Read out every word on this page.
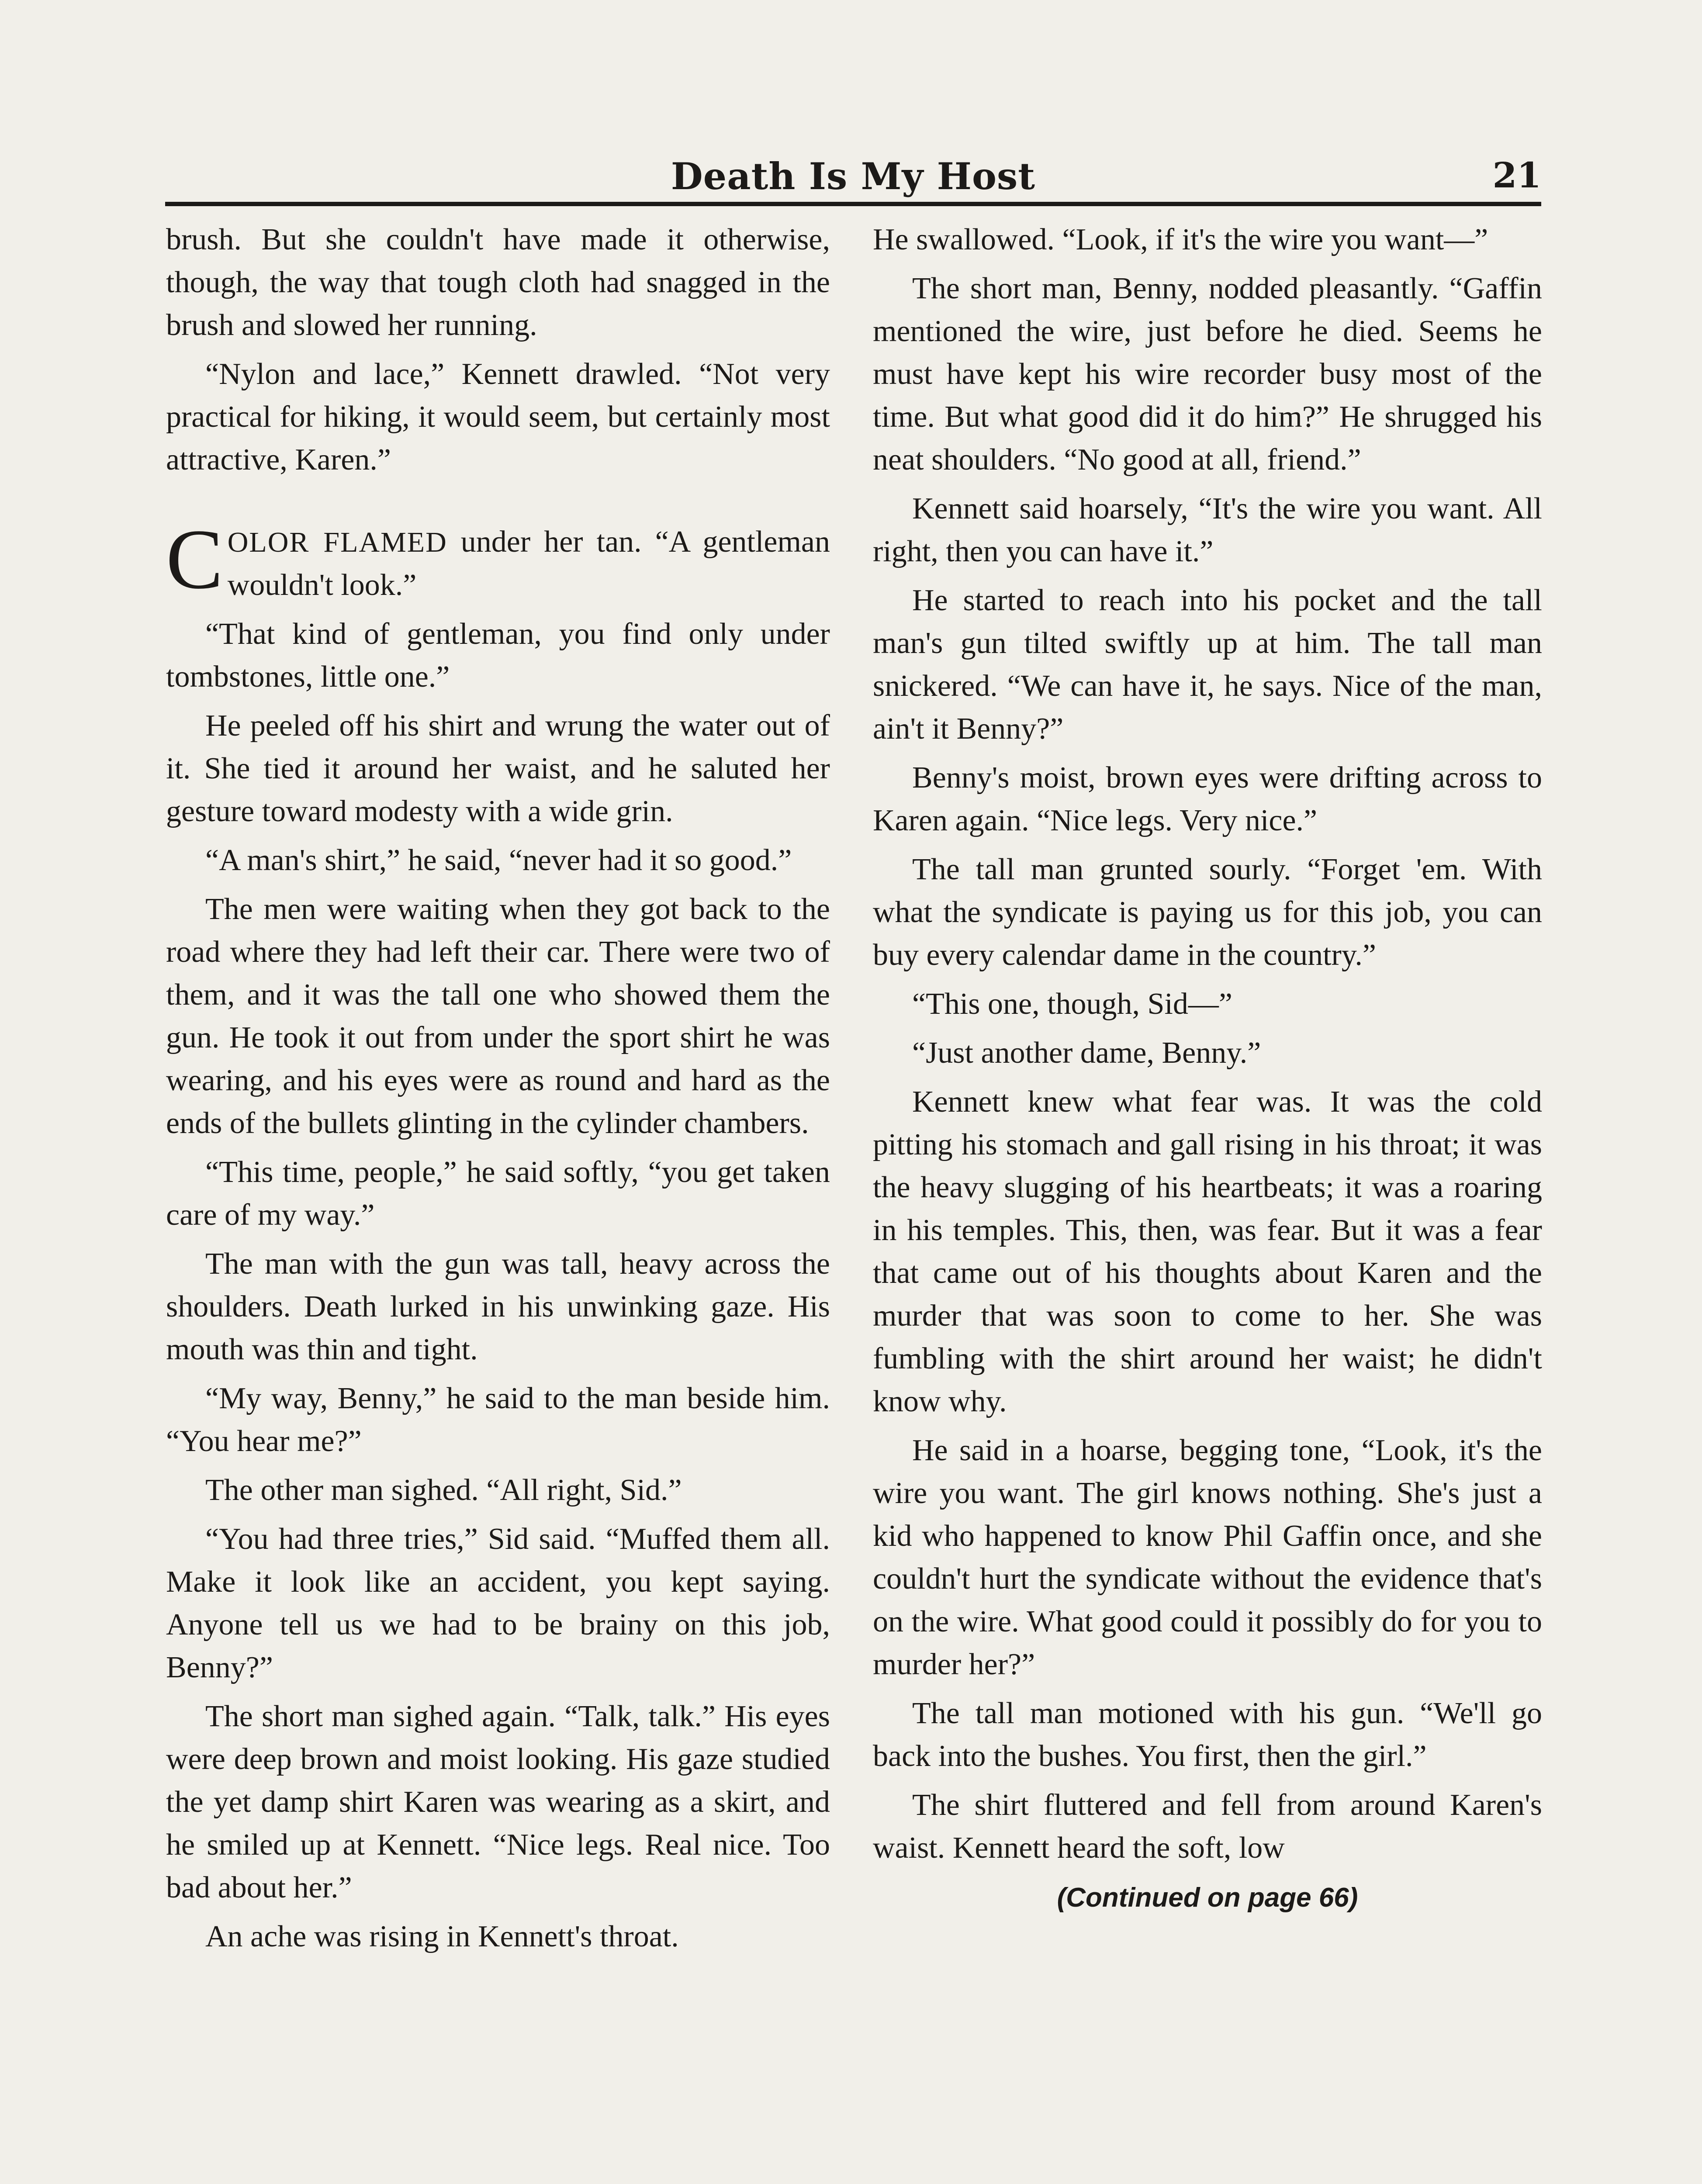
Death Is My Host	21

brush. But she couldn't have made it otherwise, though, the way that tough cloth had snagged in the brush and slowed her running.

“Nylon and lace,” Kennett drawled. “Not very practical for hiking, it would seem, but certainly most attractive, Karen.”

COLOR FLAMED under her tan. “A gentleman wouldn't look.”

“That kind of gentleman, you find only under tombstones, little one.”

He peeled off his shirt and wrung the water out of it. She tied it around her waist, and he saluted her gesture toward modesty with a wide grin.

“A man's shirt,” he said, “never had it so good.”

The men were waiting when they got back to the road where they had left their car. There were two of them, and it was the tall one who showed them the gun. He took it out from under the sport shirt he was wearing, and his eyes were as round and hard as the ends of the bullets glinting in the cylinder chambers.

“This time, people,” he said softly, “you get taken care of my way.”

The man with the gun was tall, heavy across the shoulders. Death lurked in his unwinking gaze. His mouth was thin and tight.

“My way, Benny,” he said to the man beside him. “You hear me?”

The other man sighed. “All right, Sid.”

“You had three tries,” Sid said. “Muffed them all. Make it look like an accident, you kept saying. Anyone tell us we had to be brainy on this job, Benny?”

The short man sighed again. “Talk, talk.” His eyes were deep brown and moist looking. His gaze studied the yet damp shirt Karen was wearing as a skirt, and he smiled up at Kennett. “Nice legs. Real nice. Too bad about her.”

An ache was rising in Kennett's throat.

He swallowed. “Look, if it's the wire you want—”

The short man, Benny, nodded pleasantly. “Gaffin mentioned the wire, just before he died. Seems he must have kept his wire recorder busy most of the time. But what good did it do him?” He shrugged his neat shoulders. “No good at all, friend.”

Kennett said hoarsely, “It's the wire you want. All right, then you can have it.”

He started to reach into his pocket and the tall man's gun tilted swiftly up at him. The tall man snickered. “We can have it, he says. Nice of the man, ain't it Benny?”

Benny's moist, brown eyes were drifting across to Karen again. “Nice legs. Very nice.”

The tall man grunted sourly. “Forget 'em. With what the syndicate is paying us for this job, you can buy every calendar dame in the country.”

“This one, though, Sid—”

“Just another dame, Benny.”

Kennett knew what fear was. It was the cold pitting his stomach and gall rising in his throat; it was the heavy slugging of his heartbeats; it was a roaring in his temples. This, then, was fear. But it was a fear that came out of his thoughts about Karen and the murder that was soon to come to her. She was fumbling with the shirt around her waist; he didn't know why.

He said in a hoarse, begging tone, “Look, it's the wire you want. The girl knows nothing. She's just a kid who happened to know Phil Gaffin once, and she couldn't hurt the syndicate without the evidence that's on the wire. What good could it possibly do for you to murder her?”

The tall man motioned with his gun. “We'll go back into the bushes. You first, then the girl.”

The shirt fluttered and fell from around Karen's waist. Kennett heard the soft, low

(Continued on page 66)
